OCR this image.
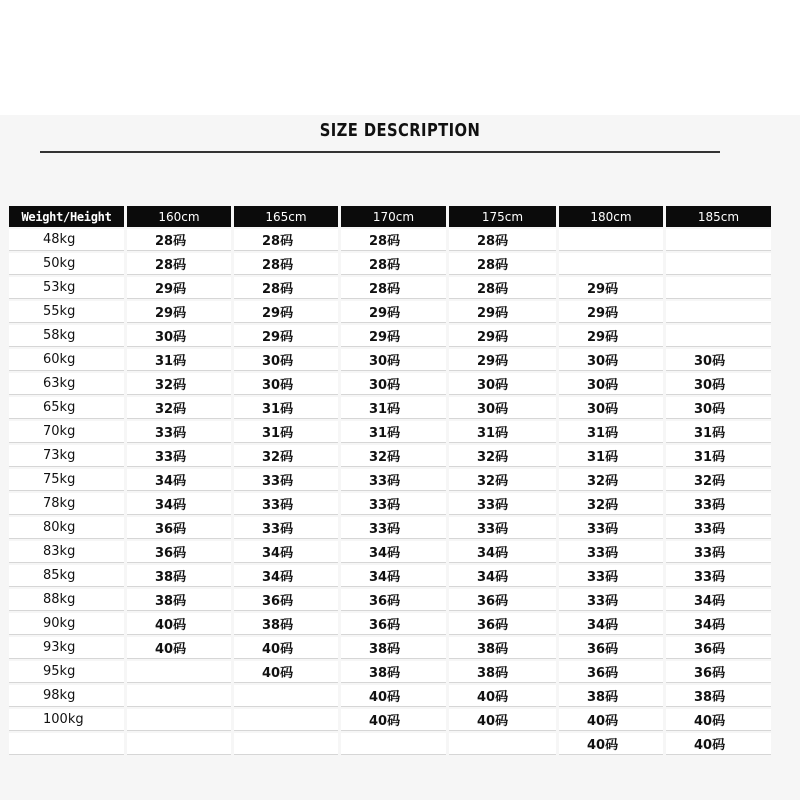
SIZE DESCRIPTION
Weight/Height	160cm	165cm	170cm	175cm	180cm	185cm
48kg	28码	28码	28码	28码		
50kg	28码	28码	28码	28码		
53kg	29码	28码	28码	28码	29码	
55kg	29码	29码	29码	29码	29码	
58kg	30码	29码	29码	29码	29码	
60kg	31码	30码	30码	29码	30码	30码
63kg	32码	30码	30码	30码	30码	30码
65kg	32码	31码	31码	30码	30码	30码
70kg	33码	31码	31码	31码	31码	31码
73kg	33码	32码	32码	32码	31码	31码
75kg	34码	33码	33码	32码	32码	32码
78kg	34码	33码	33码	33码	32码	33码
80kg	36码	33码	33码	33码	33码	33码
83kg	36码	34码	34码	34码	33码	33码
85kg	38码	34码	34码	34码	33码	33码
88kg	38码	36码	36码	36码	33码	34码
90kg	40码	38码	36码	36码	34码	34码
93kg	40码	40码	38码	38码	36码	36码
95kg		40码	38码	38码	36码	36码
98kg			40码	40码	38码	38码
100kg			40码	40码	40码	40码
					40码	40码
